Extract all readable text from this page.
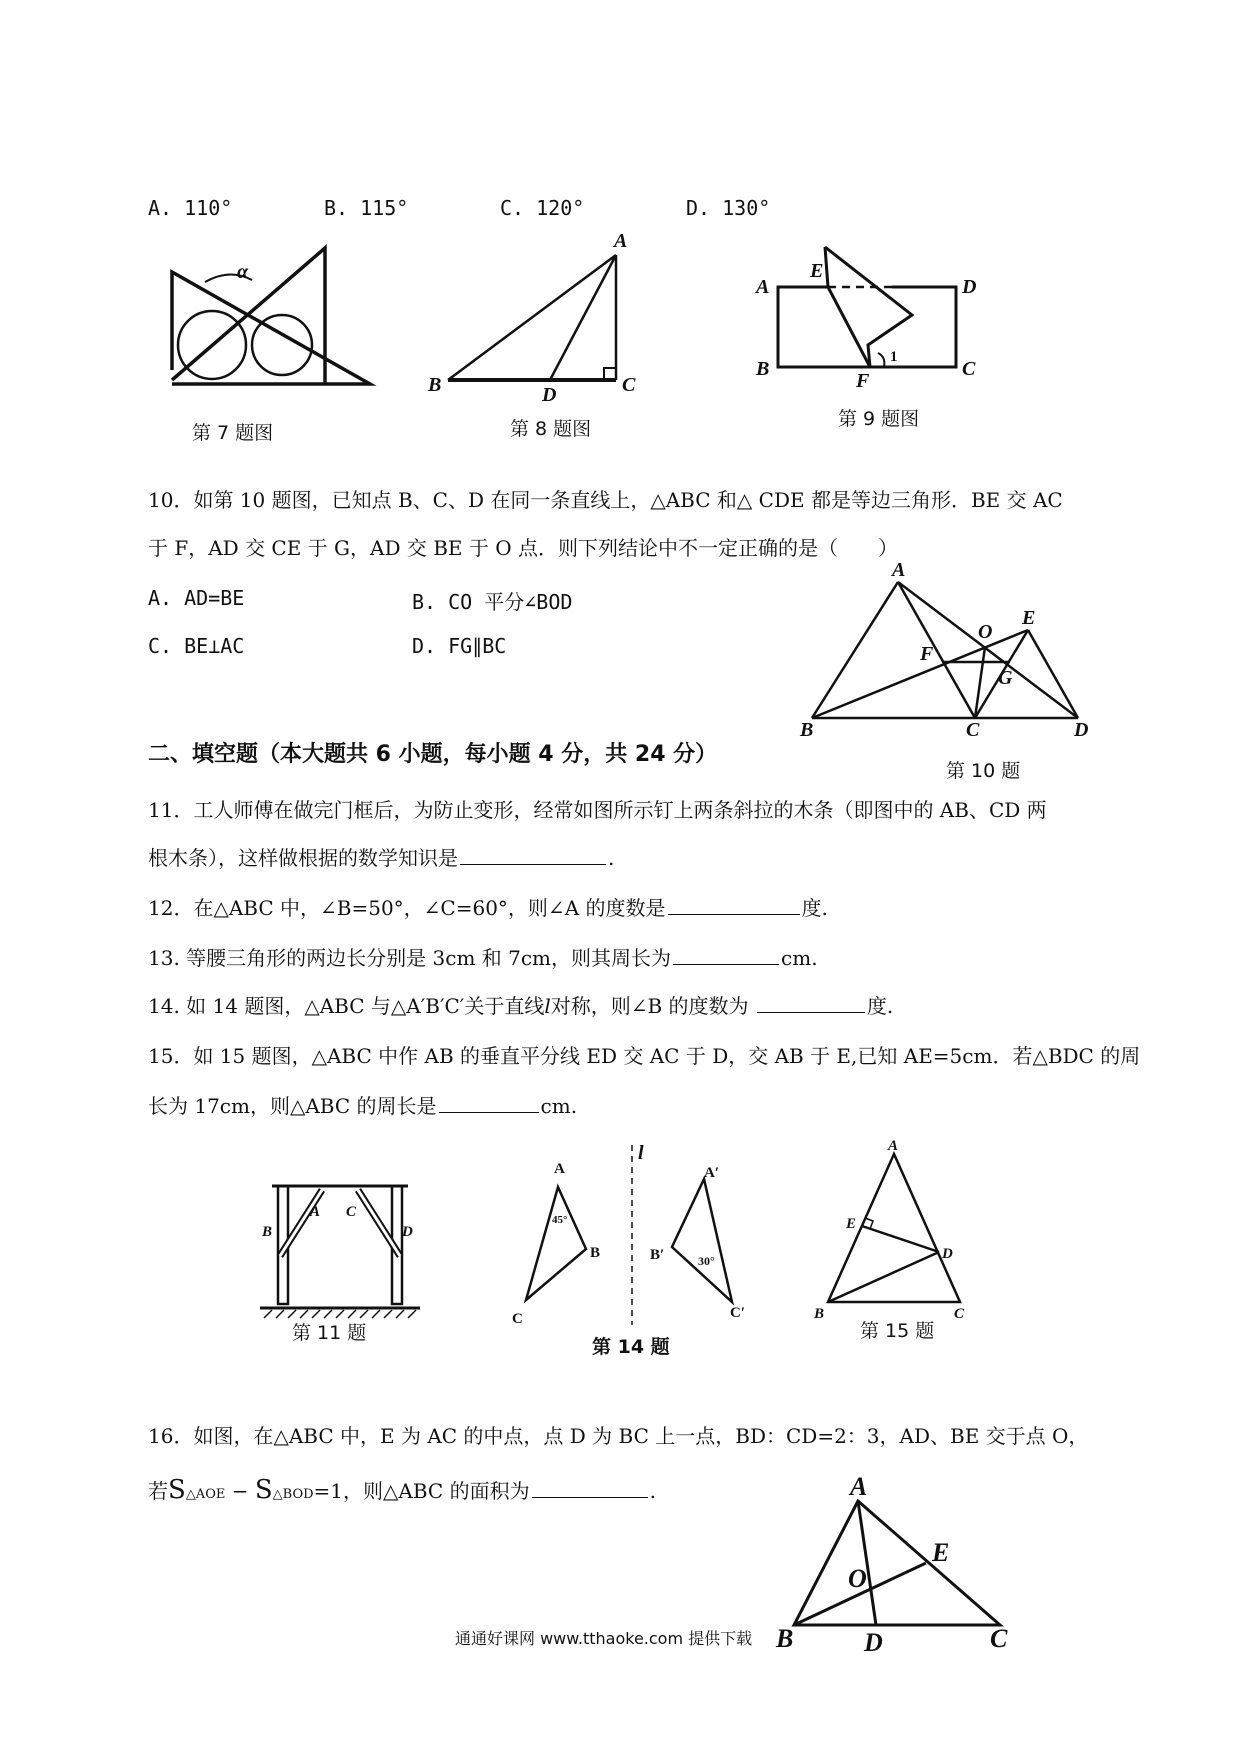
A. 110°	B. 115°	C. 120°	D. 130°
α
第 7 题图
A
B	C
D
第 8 题图
A
E
D
B
F
C
1
第 9 题图
10．如第 10 题图，已知点 B、C、D 在同一条直线上，△ABC 和△ CDE 都是等边三角形．BE 交 AC
于 F，AD 交 CE 于 G，AD 交 BE 于 O 点．则下列结论中不一定正确的是（　　）
A. AD=BE	B. CO 平分∠BOD
C. BE⊥AC	D. FG∥BC
A
B	C	D
E
F
O
G
第 10 题
二、填空题（本大题共 6 小题，每小题 4 分，共 24 分）
11．工人师傅在做完门框后，为防止变形，经常如图所示钉上两条斜拉的木条（即图中的 AB、CD 两
根木条），这样做根据的数学知识是	.
12．在△ABC 中，∠B=50°，∠C=60°，则∠A 的度数是	度.
13. 等腰三角形的两边长分别是 3cm 和 7cm，则其周长为	cm.
14. 如 14 题图，△ABC 与△A′B′C′关于直线l对称，则∠B 的度数为	度.
15．如 15 题图，△ABC 中作 AB 的垂直平分线 ED 交 AC 于 D，交 AB 于 E,已知 AE=5cm．若△BDC 的周
长为 17cm，则△ABC 的周长是	cm.
A
B
C
D
第 11 题
A
B
C
45°
l
A′
B′
C′
30°
第 14 题
A
E
D
B	C
第 15 题
16．如图，在△ABC 中，E 为 AC 的中点，点 D 为 BC 上一点，BD：CD=2：3，AD、BE 交于点 O，
若S△AOE − S△BOD=1，则△ABC 的面积为	.	A
E
O
B	D	C
通通好课网 www.tthaoke.com 提供下载
